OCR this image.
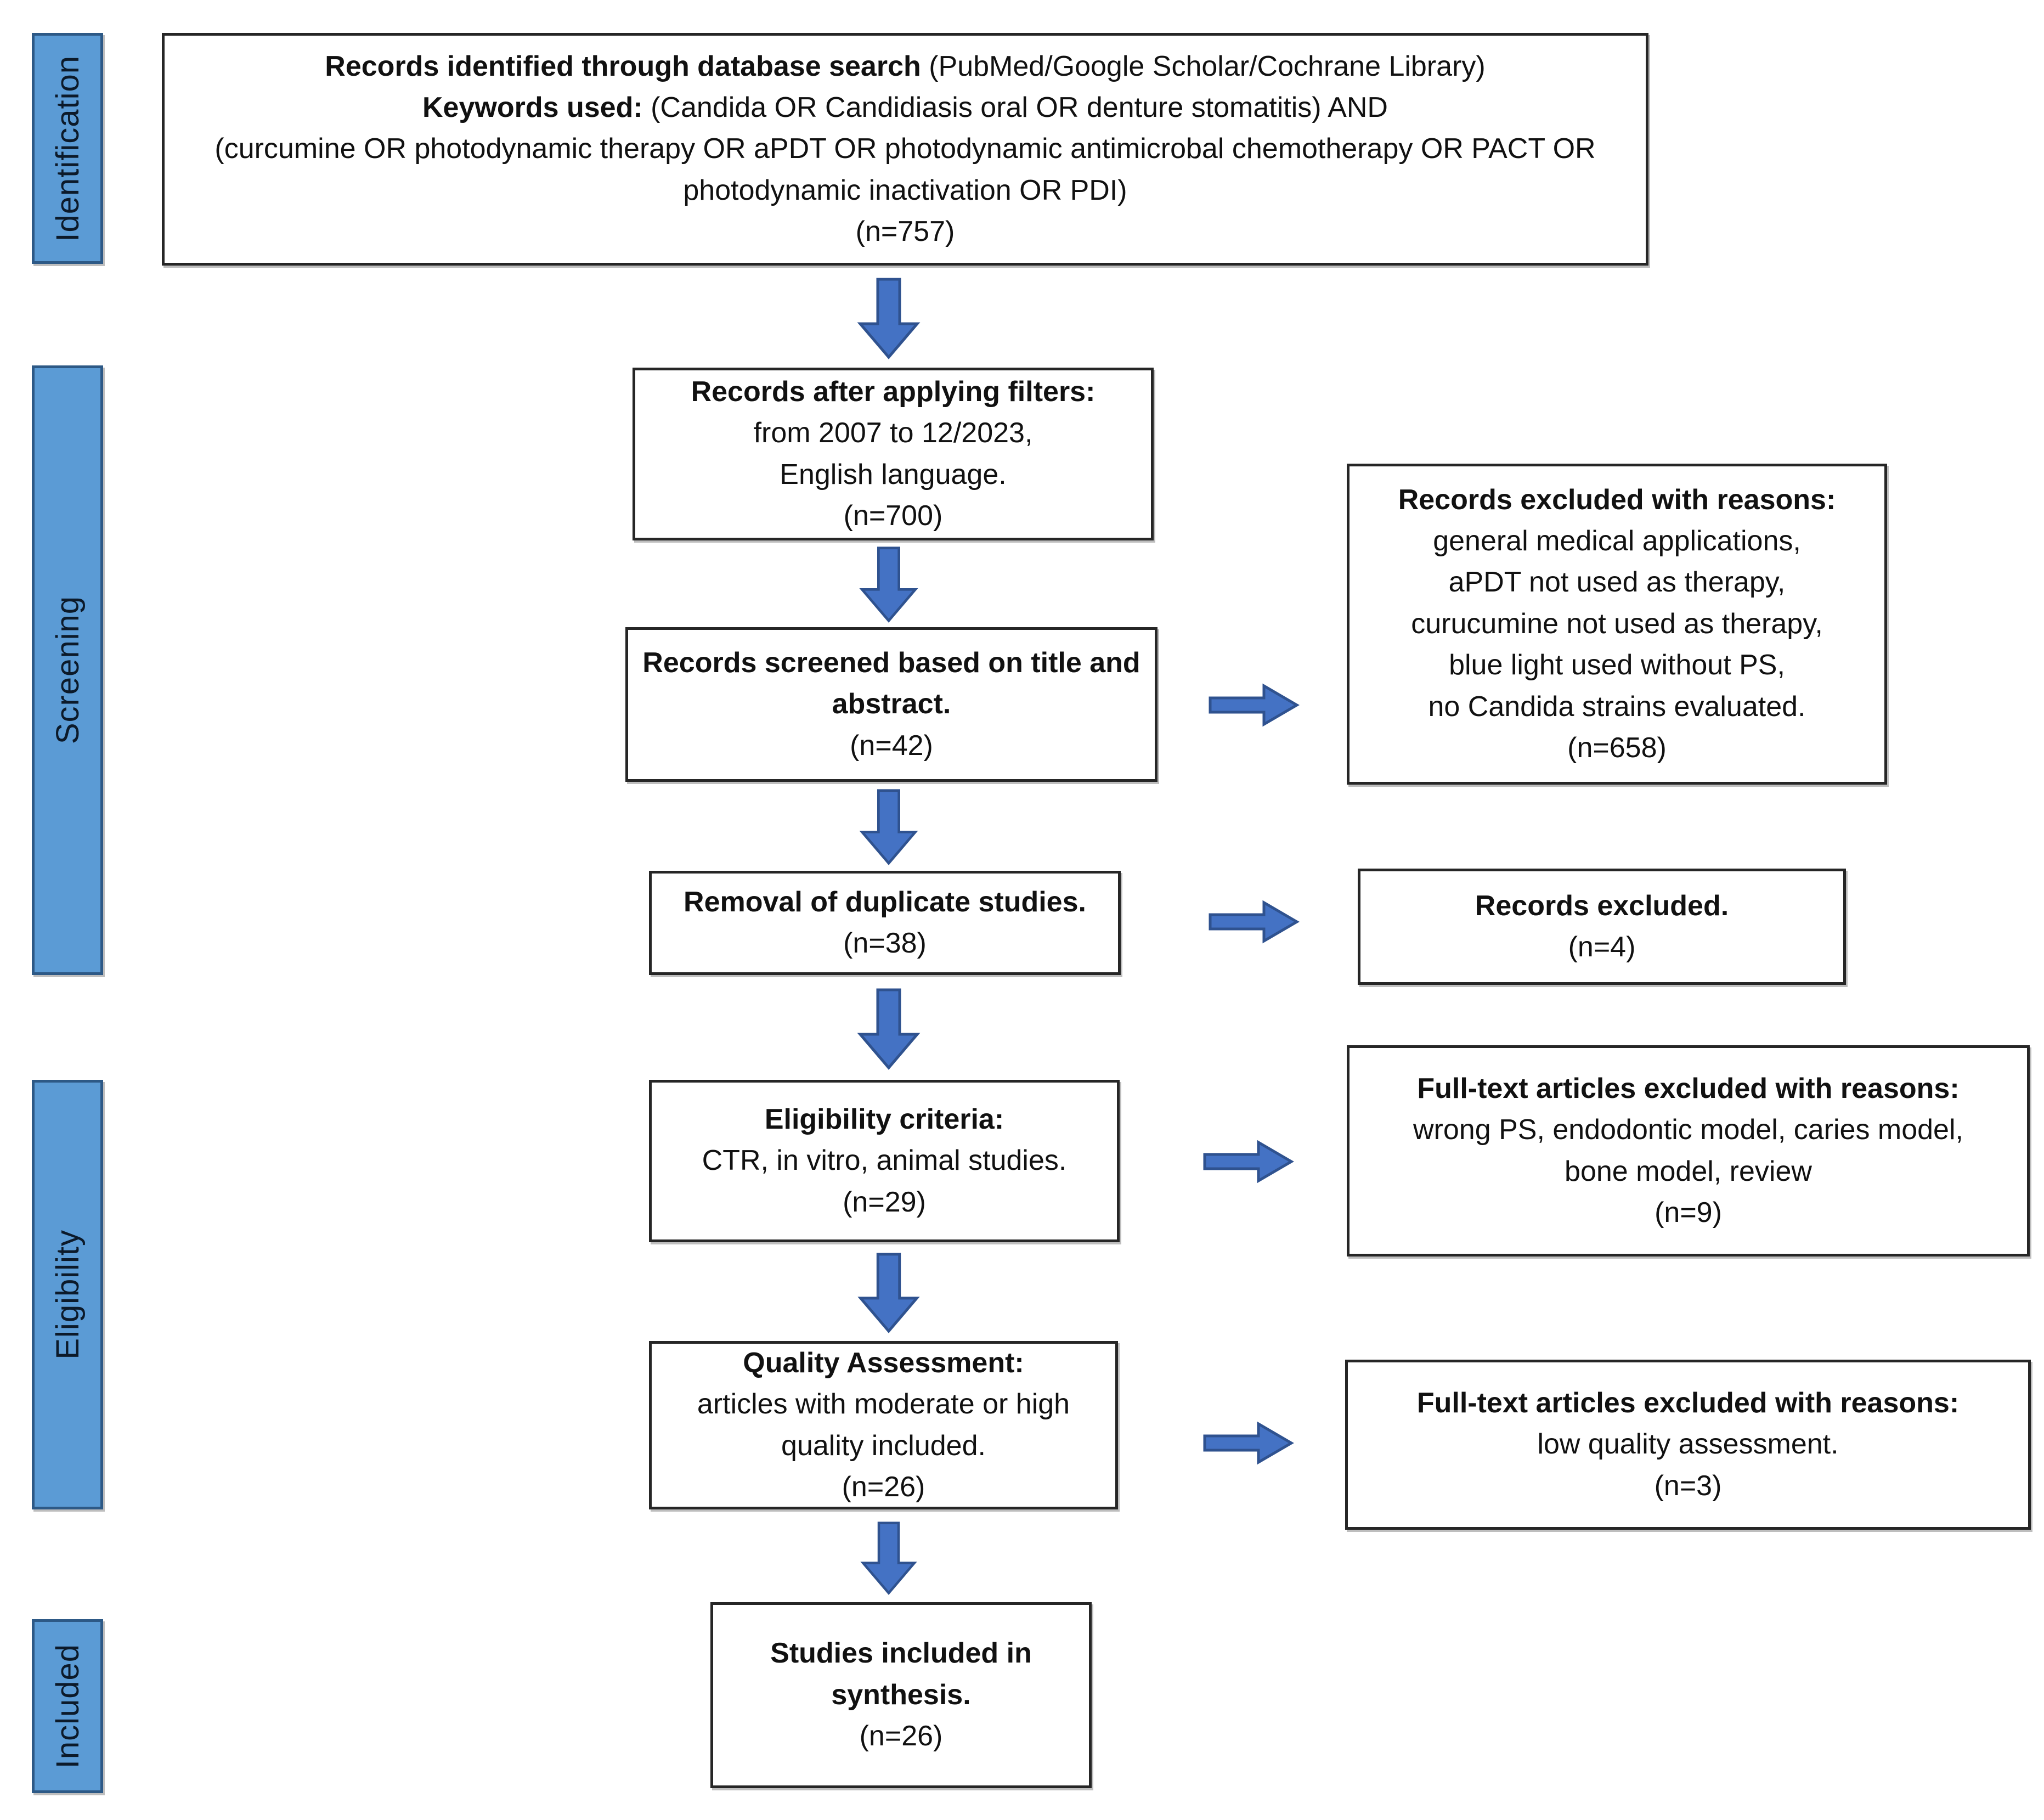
Identification
Screening
Eligibility
Included
Records identified through database search (PubMed/Google Scholar/Cochrane Library)
Keywords used: (Candida OR Candidiasis oral OR denture stomatitis) AND
(curcumine OR photodynamic therapy OR aPDT OR photodynamic antimicrobal chemotherapy OR PACT OR
photodynamic inactivation OR PDI)
(n=757)
Records after applying filters:
from 2007 to 12/2023,
English language.
(n=700)
Records screened based on title and
abstract.
(n=42)
Removal of duplicate studies.
(n=38)
Eligibility criteria:
CTR, in vitro, animal studies.
(n=29)
Quality Assessment:
articles with moderate or high
quality included.
(n=26)
Studies included in
synthesis.
(n=26)
Records excluded with reasons:
general medical applications,
aPDT not used as therapy,
curucumine not used as therapy,
blue light used without PS,
no Candida strains evaluated.
(n=658)
Records excluded.
(n=4)
Full-text articles excluded with reasons:
wrong PS, endodontic model, caries model,
bone model, review
(n=9)
Full-text articles excluded with reasons:
low quality assessment.
(n=3)
